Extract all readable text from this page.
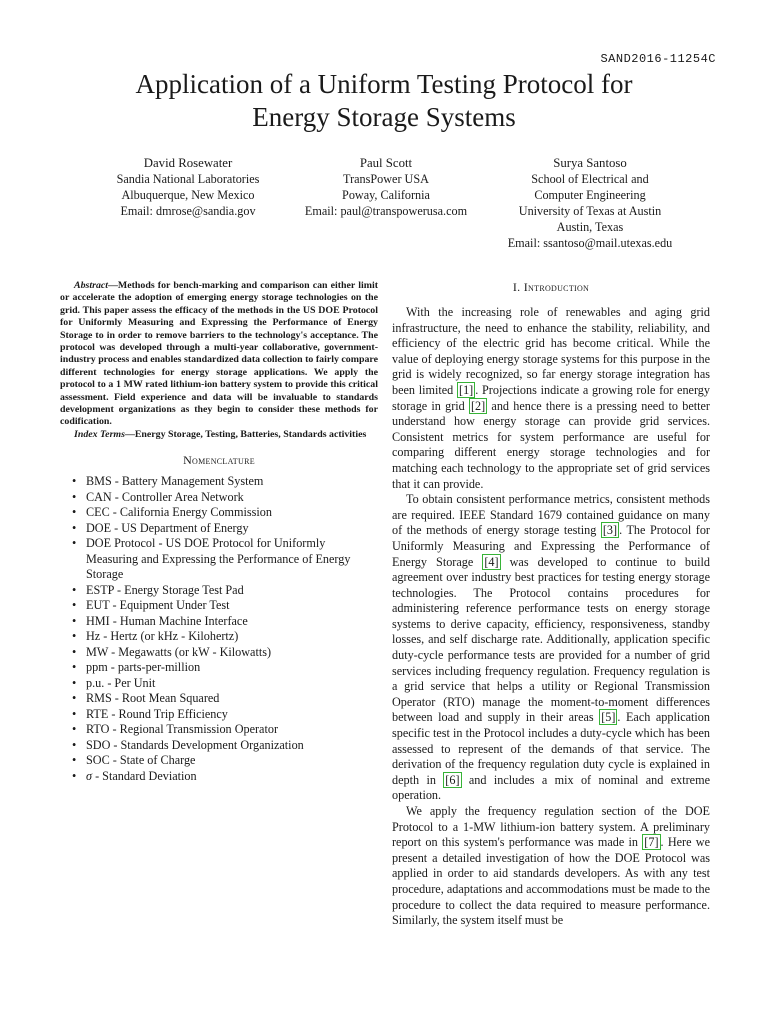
SAND2016-11254C
Application of a Uniform Testing Protocol for
Energy Storage Systems
David Rosewater
Sandia National Laboratories
Albuquerque, New Mexico
Email: dmrose@sandia.gov
Paul Scott
TransPower USA
Poway, California
Email: paul@transpowerusa.com
Surya Santoso
School of Electrical and
Computer Engineering
University of Texas at Austin
Austin, Texas
Email: ssantoso@mail.utexas.edu

Abstract—Methods for bench-marking and comparison can either limit or accelerate the adoption of emerging energy storage technologies on the grid. This paper assess the efficacy of the methods in the US DOE Protocol for Uniformly Measuring and Expressing the Performance of Energy Storage to in order to remove barriers to the technology's acceptance. The protocol was developed through a multi-year collaborative, government-industry process and enables standardized data collection to fairly compare different technologies for energy storage applications. We apply the protocol to a 1 MW rated lithium-ion battery system to provide this critical assessment. Field experience and data will be invaluable to standards development organizations as they begin to consider these methods for codification.

Index Terms—Energy Storage, Testing, Batteries, Standards activities

Nomenclature
• BMS - Battery Management System
• CAN - Controller Area Network
• CEC - California Energy Commission
• DOE - US Department of Energy
• DOE Protocol - US DOE Protocol for Uniformly Measuring and Expressing the Performance of Energy Storage
• ESTP - Energy Storage Test Pad
• EUT - Equipment Under Test
• HMI - Human Machine Interface
• Hz - Hertz (or kHz - Kilohertz)
• MW - Megawatts (or kW - Kilowatts)
• ppm - parts-per-million
• p.u. - Per Unit
• RMS - Root Mean Squared
• RTE - Round Trip Efficiency
• RTO - Regional Transmission Operator
• SDO - Standards Development Organization
• SOC - State of Charge
• σ - Standard Deviation
I. Introduction

With the increasing role of renewables and aging grid infrastructure, the need to enhance the stability, reliability, and efficiency of the electric grid has become critical. While the value of deploying energy storage systems for this purpose in the grid is widely recognized, so far energy storage integration has been limited [1] . Projections indicate a growing role for energy storage in grid [2] and hence there is a pressing need to better understand how energy storage can provide grid services. Consistent metrics for system performance are useful for comparing different energy storage technologies and for matching each technology to the appropriate set of grid services that it can provide.

To obtain consistent performance metrics, consistent methods are required. IEEE Standard 1679 contained guidance on many of the methods of energy storage testing [3] . The Protocol for Uniformly Measuring and Expressing the Performance of Energy Storage [4] was developed to continue to build agreement over industry best practices for testing energy storage technologies. The Protocol contains procedures for administering reference performance tests on energy storage systems to derive capacity, efficiency, responsiveness, standby losses, and self discharge rate. Additionally, application specific duty-cycle performance tests are provided for a number of grid services including frequency regulation. Frequency regulation is a grid service that helps a utility or Regional Transmission Operator (RTO) manage the moment-to-moment differences between load and supply in their areas [5] . Each application specific test in the Protocol includes a duty-cycle which has been assessed to represent of the demands of that service. The derivation of the frequency regulation duty cycle is explained in depth in [6] and includes a mix of nominal and extreme operation.

We apply the frequency regulation section of the DOE Protocol to a 1-MW lithium-ion battery system. A preliminary report on this system's performance was made in [7] . Here we present a detailed investigation of how the DOE Protocol was applied in order to aid standards developers. As with any test procedure, adaptations and accommodations must be made to the procedure to collect the data required to measure performance. Similarly, the system itself must be
